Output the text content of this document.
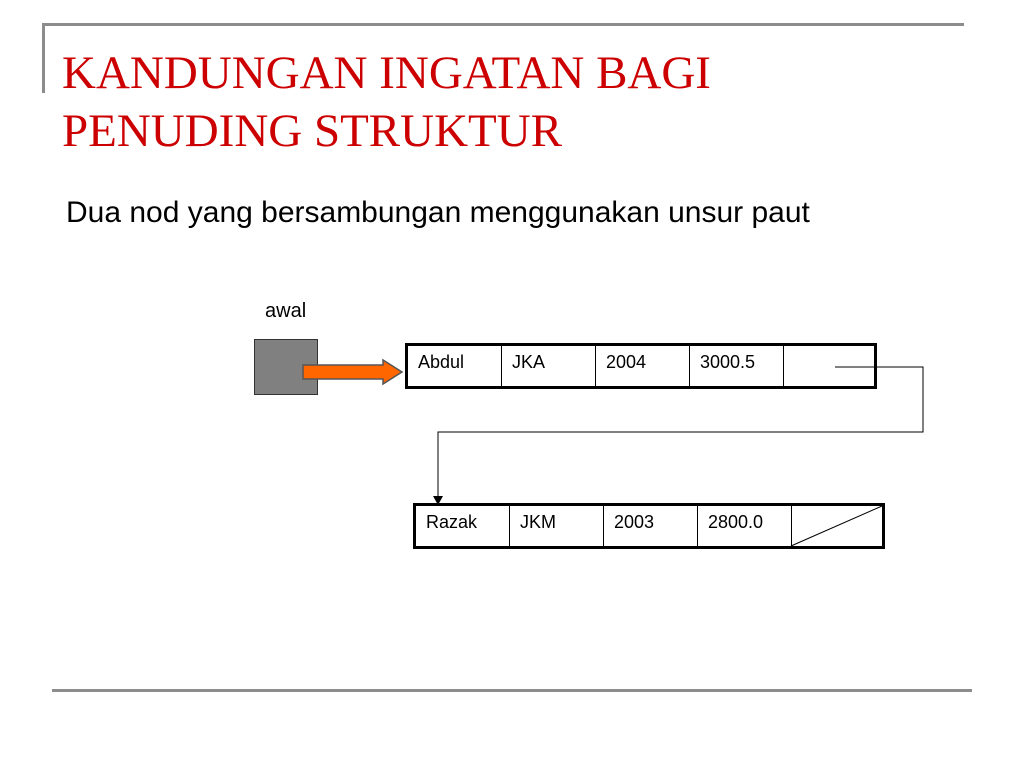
KANDUNGAN INGATAN BAGI
PENUDING STRUKTUR
Dua nod yang bersambungan menggunakan unsur paut
awal
Abdul	JKA	2004	3000.5
Razak	JKM	2003	2800.0
